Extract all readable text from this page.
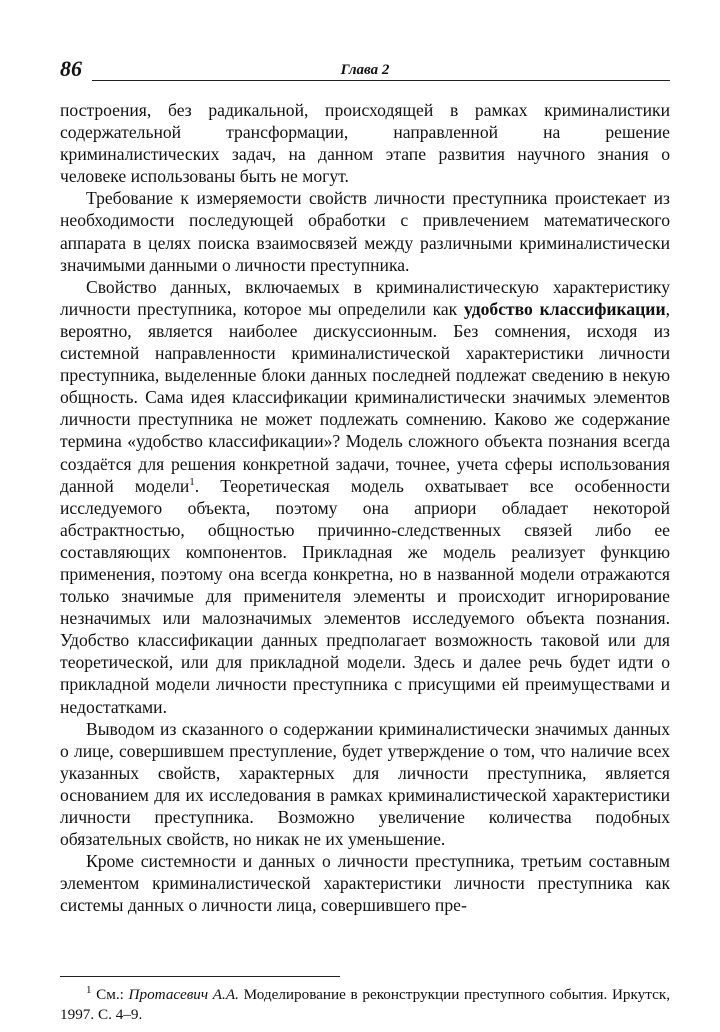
86	Глава 2

построения, без радикальной, происходящей в рамках криминалистики содержательной трансформации, направленной на решение криминалистических задач, на данном этапе развития научного знания о человеке использованы быть не могут.

Требование к измеряемости свойств личности преступника проистекает из необходимости последующей обработки с привлечением математического аппарата в целях поиска взаимосвязей между различными криминалистически значимыми данными о личности преступника.

Свойство данных, включаемых в криминалистическую характеристику личности преступника, которое мы определили как удобство классификации, вероятно, является наиболее дискуссионным. Без сомнения, исходя из системной направленности криминалистической характеристики личности преступника, выделенные блоки данных последней подлежат сведению в некую общность. Сама идея классификации криминалистически значимых элементов личности преступника не может подлежать сомнению. Каково же содержание термина «удобство классификации»? Модель сложного объекта познания всегда создаётся для решения конкретной задачи, точнее, учета сферы использования данной модели$^1$. Теоретическая модель охватывает все особенности исследуемого объекта, поэтому она априори обладает некоторой абстрактностью, общностью причинно-следственных связей либо ее составляющих компонентов. Прикладная же модель реализует функцию применения, поэтому она всегда конкретна, но в названной модели отражаются только значимые для применителя элементы и происходит игнорирование незначимых или малозначимых элементов исследуемого объекта познания. Удобство классификации данных предполагает возможность таковой или для теоретической, или для прикладной модели. Здесь и далее речь будет идти о прикладной модели личности преступника с присущими ей преимуществами и недостатками.

Выводом из сказанного о содержании криминалистически значимых данных о лице, совершившем преступление, будет утверждение о том, что наличие всех указанных свойств, характерных для личности преступника, является основанием для их исследования в рамках криминалистической характеристики личности преступника. Возможно увеличение количества подобных обязательных свойств, но никак не их уменьшение.

Кроме системности и данных о личности преступника, третьим составным элементом криминалистической характеристики личности преступника как системы данных о личности лица, совершившего пре-

$^1$ См.: Протасевич А.А. Моделирование в реконструкции преступного события. Иркутск, 1997. С. 4–9.
